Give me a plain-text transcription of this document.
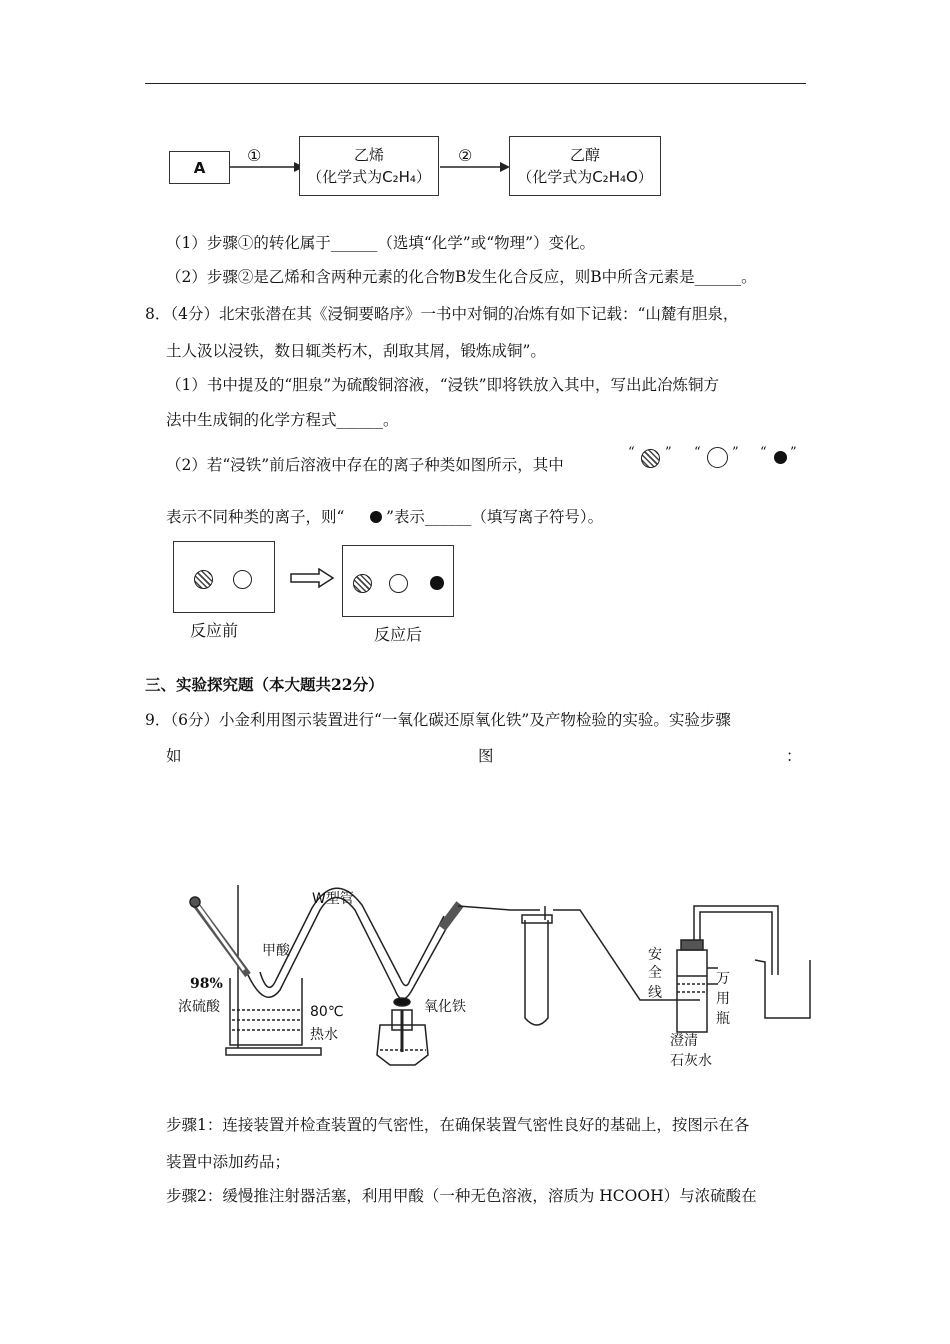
A
①	②
乙烯
（化学式为C₂H₄）
乙醇
（化学式为C₂H₄O）
（1）步骤①的转化属于______（选填“化学”或“物理”）变化。
（2）步骤②是乙烯和含两种元素的化合物B发生化合反应，则B中所含元素是______。
8．（4分）北宋张潜在其《浸铜要略序》一书中对铜的冶炼有如下记载：“山麓有胆泉，
土人汲以浸铁，数日辄类朽木，刮取其屑，锻炼成铜”。
（1）书中提及的“胆泉”为硫酸铜溶液，“浸铁”即将铁放入其中，写出此冶炼铜方
法中生成铜的化学方程式______。
（2）若“浸铁”前后溶液中存在的离子种类如图所示，其中
“ ” “ ” “ ”
表示不同种类的离子，则“	”表示______（填写离子符号）。
反应前	反应后
三、实验探究题（本大题共22分）
9．（6分）小金利用图示装置进行“一氧化碳还原氧化铁”及产物检验的实验。实验步骤
如	图	：
W型管
甲酸
98%
浓硫酸	80℃
热水
氧化铁
安
全
线
万
用
瓶
澄清
石灰水
步骤1：连接装置并检查装置的气密性，在确保装置气密性良好的基础上，按图示在各
装置中添加药品；
步骤2：缓慢推注射器活塞，利用甲酸（一种无色溶液，溶质为 HCOOH）与浓硫酸在
